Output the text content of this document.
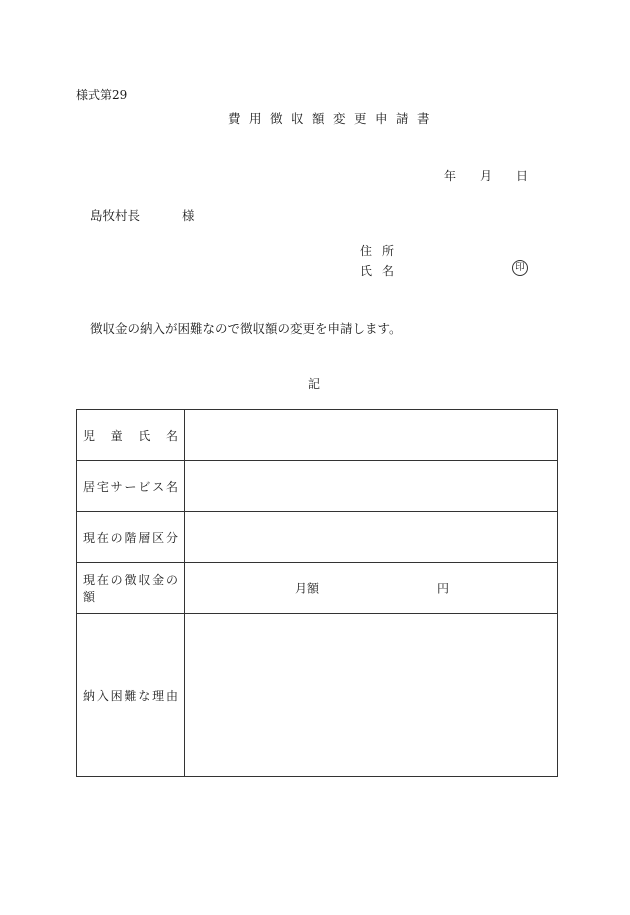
様式第29
費用徴収額変更申請書
年 月 日
島牧村長	様
住所
氏名	印
徴収金の納入が困難なので徴収額の変更を申請します。
記
児童氏名	
居宅サービス名	
現在の階層区分	
現在の徴収金の額	月額 円

納入困難な理由	
